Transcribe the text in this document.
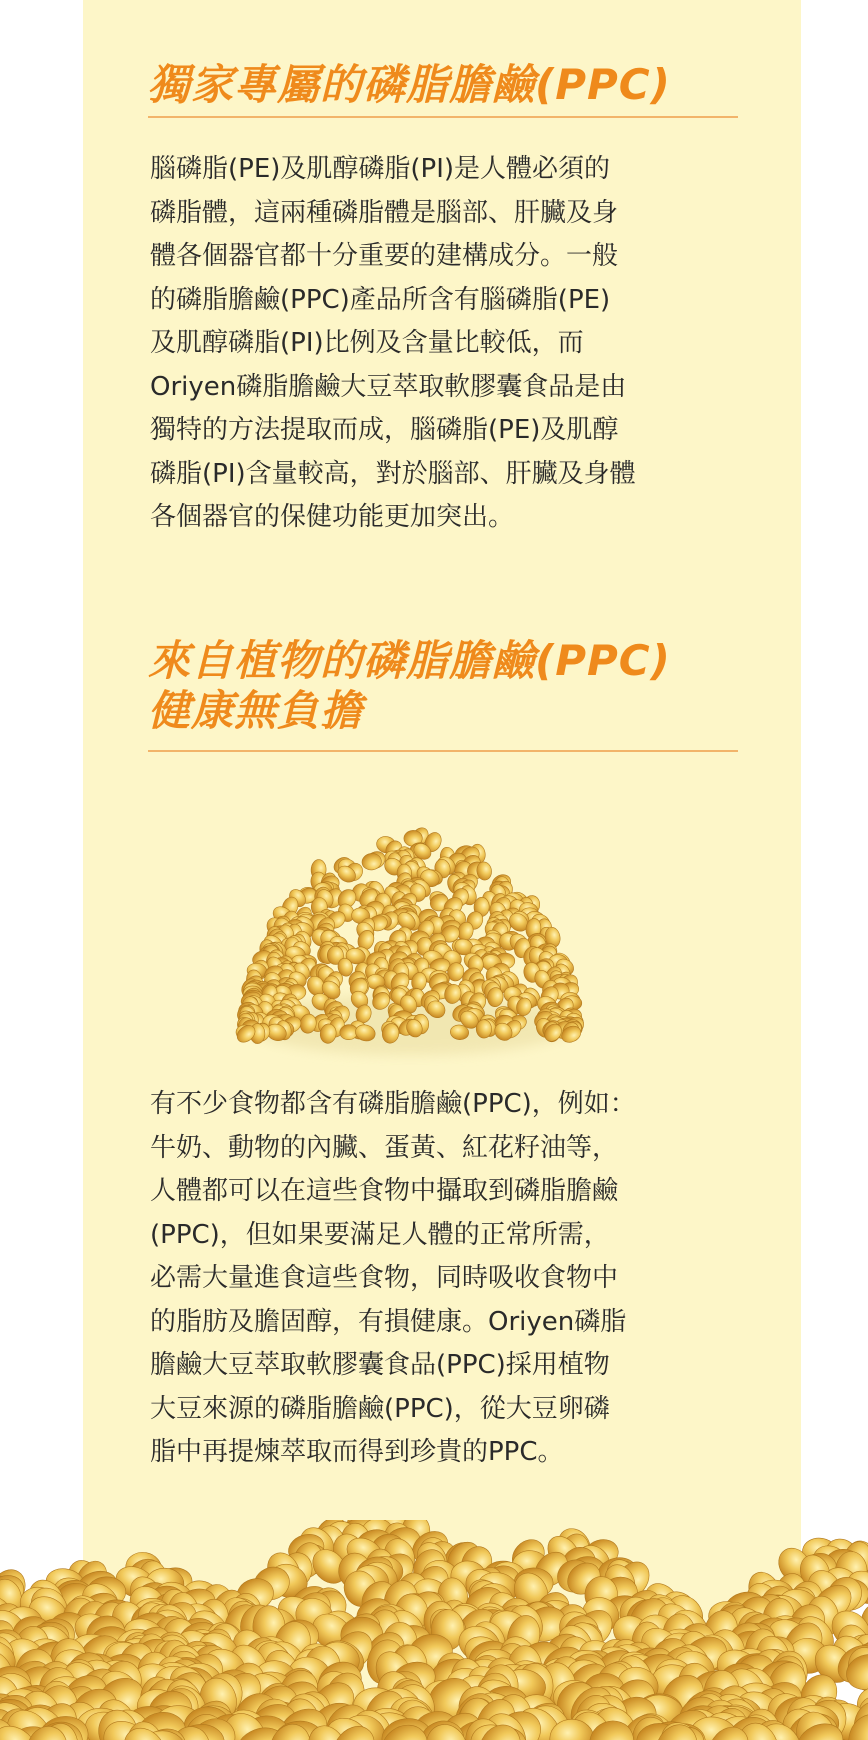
獨家專屬的磷脂膽鹼(PPC)
腦磷脂(PE)及肌醇磷脂(PI)是人體必須的
磷脂體，這兩種磷脂體是腦部、肝臟及身
體各個器官都十分重要的建構成分。一般
的磷脂膽鹼(PPC)產品所含有腦磷脂(PE)
及肌醇磷脂(PI)比例及含量比較低，而
Oriyen磷脂膽鹼大豆萃取軟膠囊食品是由
獨特的方法提取而成，腦磷脂(PE)及肌醇
磷脂(PI)含量較高，對於腦部、肝臟及身體
各個器官的保健功能更加突出。
來自植物的磷脂膽鹼(PPC)
健康無負擔
有不少食物都含有磷脂膽鹼(PPC)，例如：
牛奶、動物的內臟、蛋黃、紅花籽油等，
人體都可以在這些食物中攝取到磷脂膽鹼
(PPC)，但如果要滿足人體的正常所需，
必需大量進食這些食物，同時吸收食物中
的脂肪及膽固醇，有損健康。Oriyen磷脂
膽鹼大豆萃取軟膠囊食品(PPC)採用植物
大豆來源的磷脂膽鹼(PPC)，從大豆卵磷
脂中再提煉萃取而得到珍貴的PPC。
